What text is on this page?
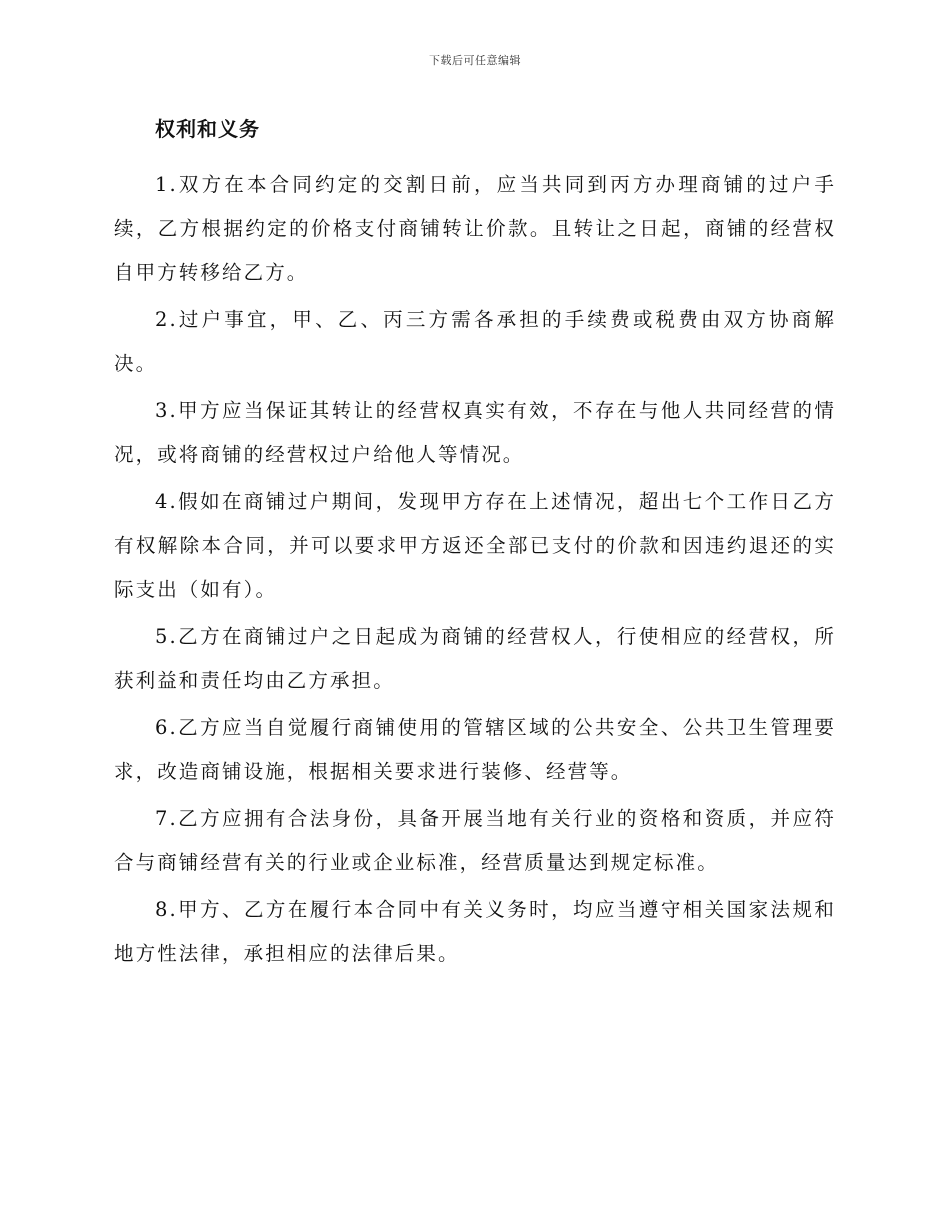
下载后可任意编辑
权利和义务

1.双方在本合同约定的交割日前，应当共同到丙方办理商铺的过户手续，乙方根据约定的价格支付商铺转让价款。且转让之日起，商铺的经营权自甲方转移给乙方。

2.过户事宜，甲、乙、丙三方需各承担的手续费或税费由双方协商解决。

3.甲方应当保证其转让的经营权真实有效，不存在与他人共同经营的情况，或将商铺的经营权过户给他人等情况。

4.假如在商铺过户期间，发现甲方存在上述情况，超出七个工作日乙方有权解除本合同，并可以要求甲方返还全部已支付的价款和因违约退还的实际支出（如有）。

5.乙方在商铺过户之日起成为商铺的经营权人，行使相应的经营权，所获利益和责任均由乙方承担。

6.乙方应当自觉履行商铺使用的管辖区域的公共安全、公共卫生管理要求，改造商铺设施，根据相关要求进行装修、经营等。

7.乙方应拥有合法身份，具备开展当地有关行业的资格和资质，并应符合与商铺经营有关的行业或企业标准，经营质量达到规定标准。

8.甲方、乙方在履行本合同中有关义务时，均应当遵守相关国家法规和地方性法律，承担相应的法律后果。
